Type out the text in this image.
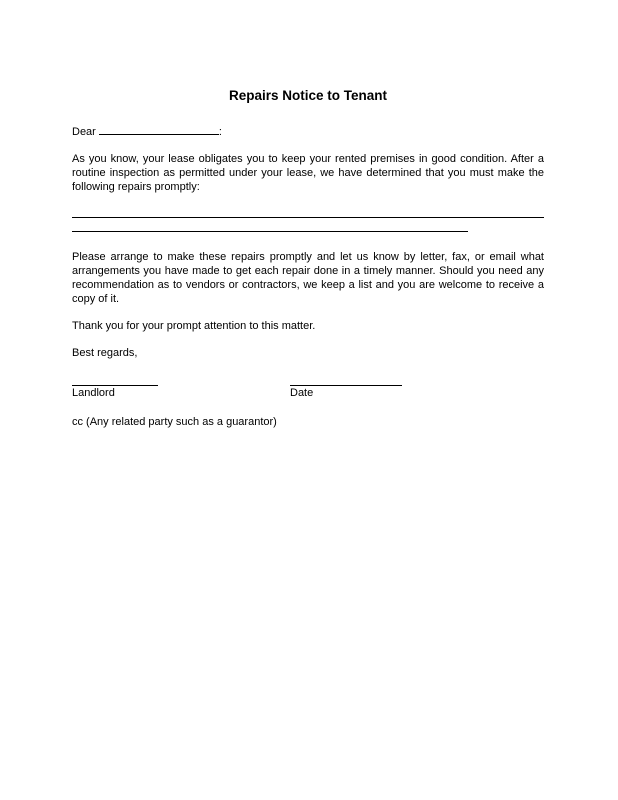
Repairs Notice to Tenant
Dear	:
As you know, your lease obligates you to keep your rented premises in good condition. After a routine inspection as permitted under your lease, we have determined that you must make the following repairs promptly:
Please arrange to make these repairs promptly and let us know by letter, fax, or email what arrangements you have made to get each repair done in a timely manner. Should you need any recommendation as to vendors or contractors, we keep a list and you are welcome to receive a copy of it.
Thank you for your prompt attention to this matter.
Best regards,
Landlord	Date
cc (Any related party such as a guarantor)
